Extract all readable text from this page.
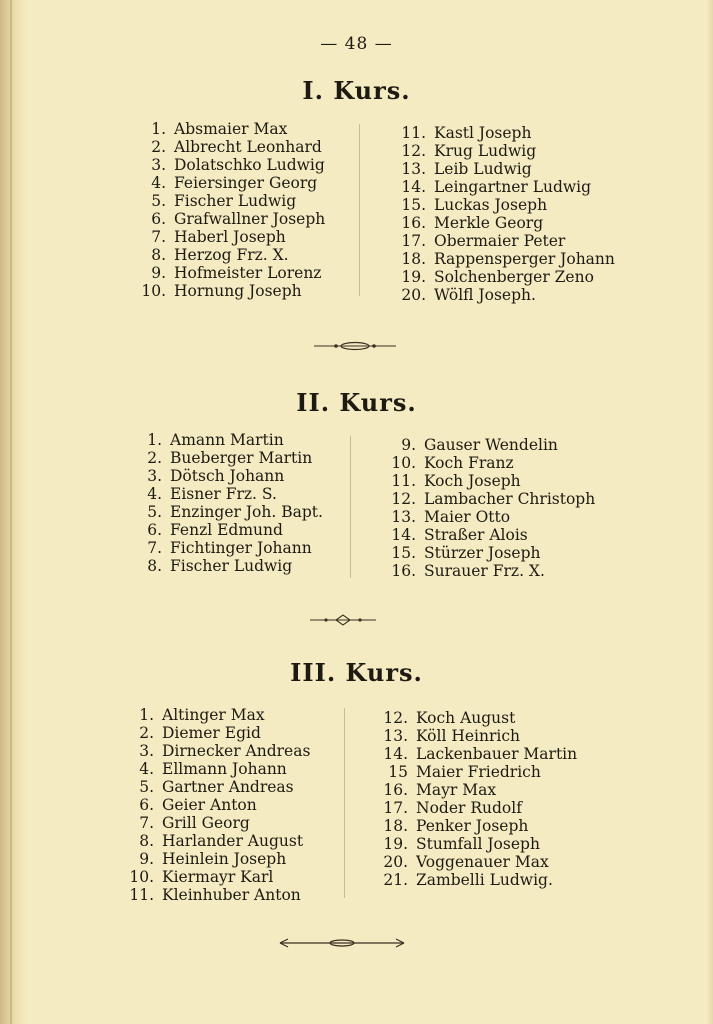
— 48 —
I. Kurs.
1. Absmaier Max
2. Albrecht Leonhard
3. Dolatschko Ludwig
4. Feiersinger Georg
5. Fischer Ludwig
6. Grafwallner Joseph
7. Haberl Joseph
8. Herzog Frz. X.
9. Hofmeister Lorenz
10. Hornung Joseph
11. Kastl Joseph
12. Krug Ludwig
13. Leib Ludwig
14. Leingartner Ludwig
15. Luckas Joseph
16. Merkle Georg
17. Obermaier Peter
18. Rappensperger Johann
19. Solchenberger Zeno
20. Wölfl Joseph.
II. Kurs.
1. Amann Martin
2. Bueberger Martin
3. Dötsch Johann
4. Eisner Frz. S.
5. Enzinger Joh. Bapt.
6. Fenzl Edmund
7. Fichtinger Johann
8. Fischer Ludwig
9. Gauser Wendelin
10. Koch Franz
11. Koch Joseph
12. Lambacher Christoph
13. Maier Otto
14. Straßer Alois
15. Stürzer Joseph
16. Surauer Frz. X.
III. Kurs.
1. Altinger Max
2. Diemer Egid
3. Dirnecker Andreas
4. Ellmann Johann
5. Gartner Andreas
6. Geier Anton
7. Grill Georg
8. Harlander August
9. Heinlein Joseph
10. Kiermayr Karl
11. Kleinhuber Anton
12. Koch August
13. Köll Heinrich
14. Lackenbauer Martin
15 Maier Friedrich
16. Mayr Max
17. Noder Rudolf
18. Penker Joseph
19. Stumfall Joseph
20. Voggenauer Max
21. Zambelli Ludwig.
